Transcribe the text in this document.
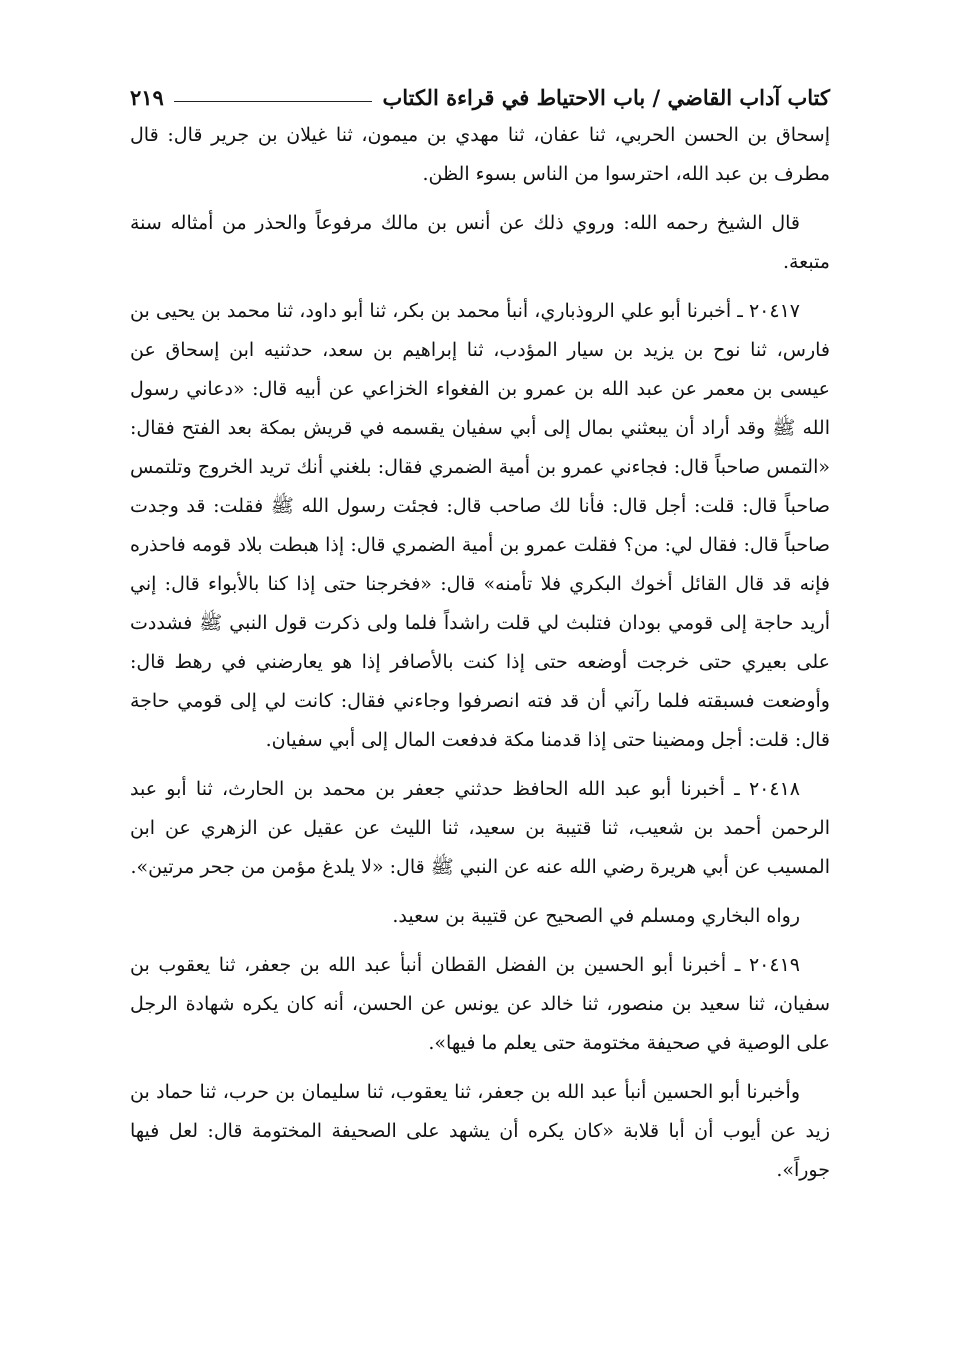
كتاب آداب القاضي / باب الاحتياط في قراءة الكتاب
٢١٩

إسحاق بن الحسن الحربي، ثنا عفان، ثنا مهدي بن ميمون، ثنا غيلان بن جرير قال: قال مطرف بن عبد الله، احترسوا من الناس بسوء الظن.

قال الشيخ رحمه الله: وروي ذلك عن أنس بن مالك مرفوعاً والحذر من أمثاله سنة متبعة.

٢٠٤١٧ ـ أخبرنا أبو علي الروذباري، أنبأ محمد بن بكر، ثنا أبو داود، ثنا محمد بن يحيى بن فارس، ثنا نوح بن يزيد بن سيار المؤدب، ثنا إبراهيم بن سعد، حدثنيه ابن إسحاق عن عيسى بن معمر عن عبد الله بن عمرو بن الفغواء الخزاعي عن أبيه قال: «دعاني رسول الله ﷺ وقد أراد أن يبعثني بمال إلى أبي سفيان يقسمه في قريش بمكة بعد الفتح فقال: «التمس صاحباً قال: فجاءني عمرو بن أمية الضمري فقال: بلغني أنك تريد الخروج وتلتمس صاحباً قال: قلت: أجل قال: فأنا لك صاحب قال: فجئت رسول الله ﷺ فقلت: قد وجدت صاحباً قال: فقال لي: من؟ فقلت عمرو بن أمية الضمري قال: إذا هبطت بلاد قومه فاحذره فإنه قد قال القائل أخوك البكري فلا تأمنه» قال: «فخرجنا حتى إذا كنا بالأبواء قال: إني أريد حاجة إلى قومي بودان فتلبث لي قلت راشداً فلما ولى ذكرت قول النبي ﷺ فشددت على بعيري حتى خرجت أوضعه حتى إذا كنت بالأصافر إذا هو يعارضني في رهط قال: وأوضعت فسبقته فلما رآني أن قد فته انصرفوا وجاءني فقال: كانت لي إلى قومي حاجة قال: قلت: أجل ومضينا حتى إذا قدمنا مكة فدفعت المال إلى أبي سفيان.

٢٠٤١٨ ـ أخبرنا أبو عبد الله الحافظ حدثني جعفر بن محمد بن الحارث، ثنا أبو عبد الرحمن أحمد بن شعيب، ثنا قتيبة بن سعيد، ثنا الليث عن عقيل عن الزهري عن ابن المسيب عن أبي هريرة رضي الله عنه عن النبي ﷺ قال: «لا يلدغ مؤمن من جحر مرتين».

رواه البخاري ومسلم في الصحيح عن قتيبة بن سعيد.

٢٠٤١٩ ـ أخبرنا أبو الحسين بن الفضل القطان أنبأ عبد الله بن جعفر، ثنا يعقوب بن سفيان، ثنا سعيد بن منصور، ثنا خالد عن يونس عن الحسن، أنه كان يكره شهادة الرجل على الوصية في صحيفة مختومة حتى يعلم ما فيها».

وأخبرنا أبو الحسين أنبأ عبد الله بن جعفر، ثنا يعقوب، ثنا سليمان بن حرب، ثنا حماد بن زيد عن أيوب أن أبا قلابة «كان يكره أن يشهد على الصحيفة المختومة قال: لعل فيها جوراً».
